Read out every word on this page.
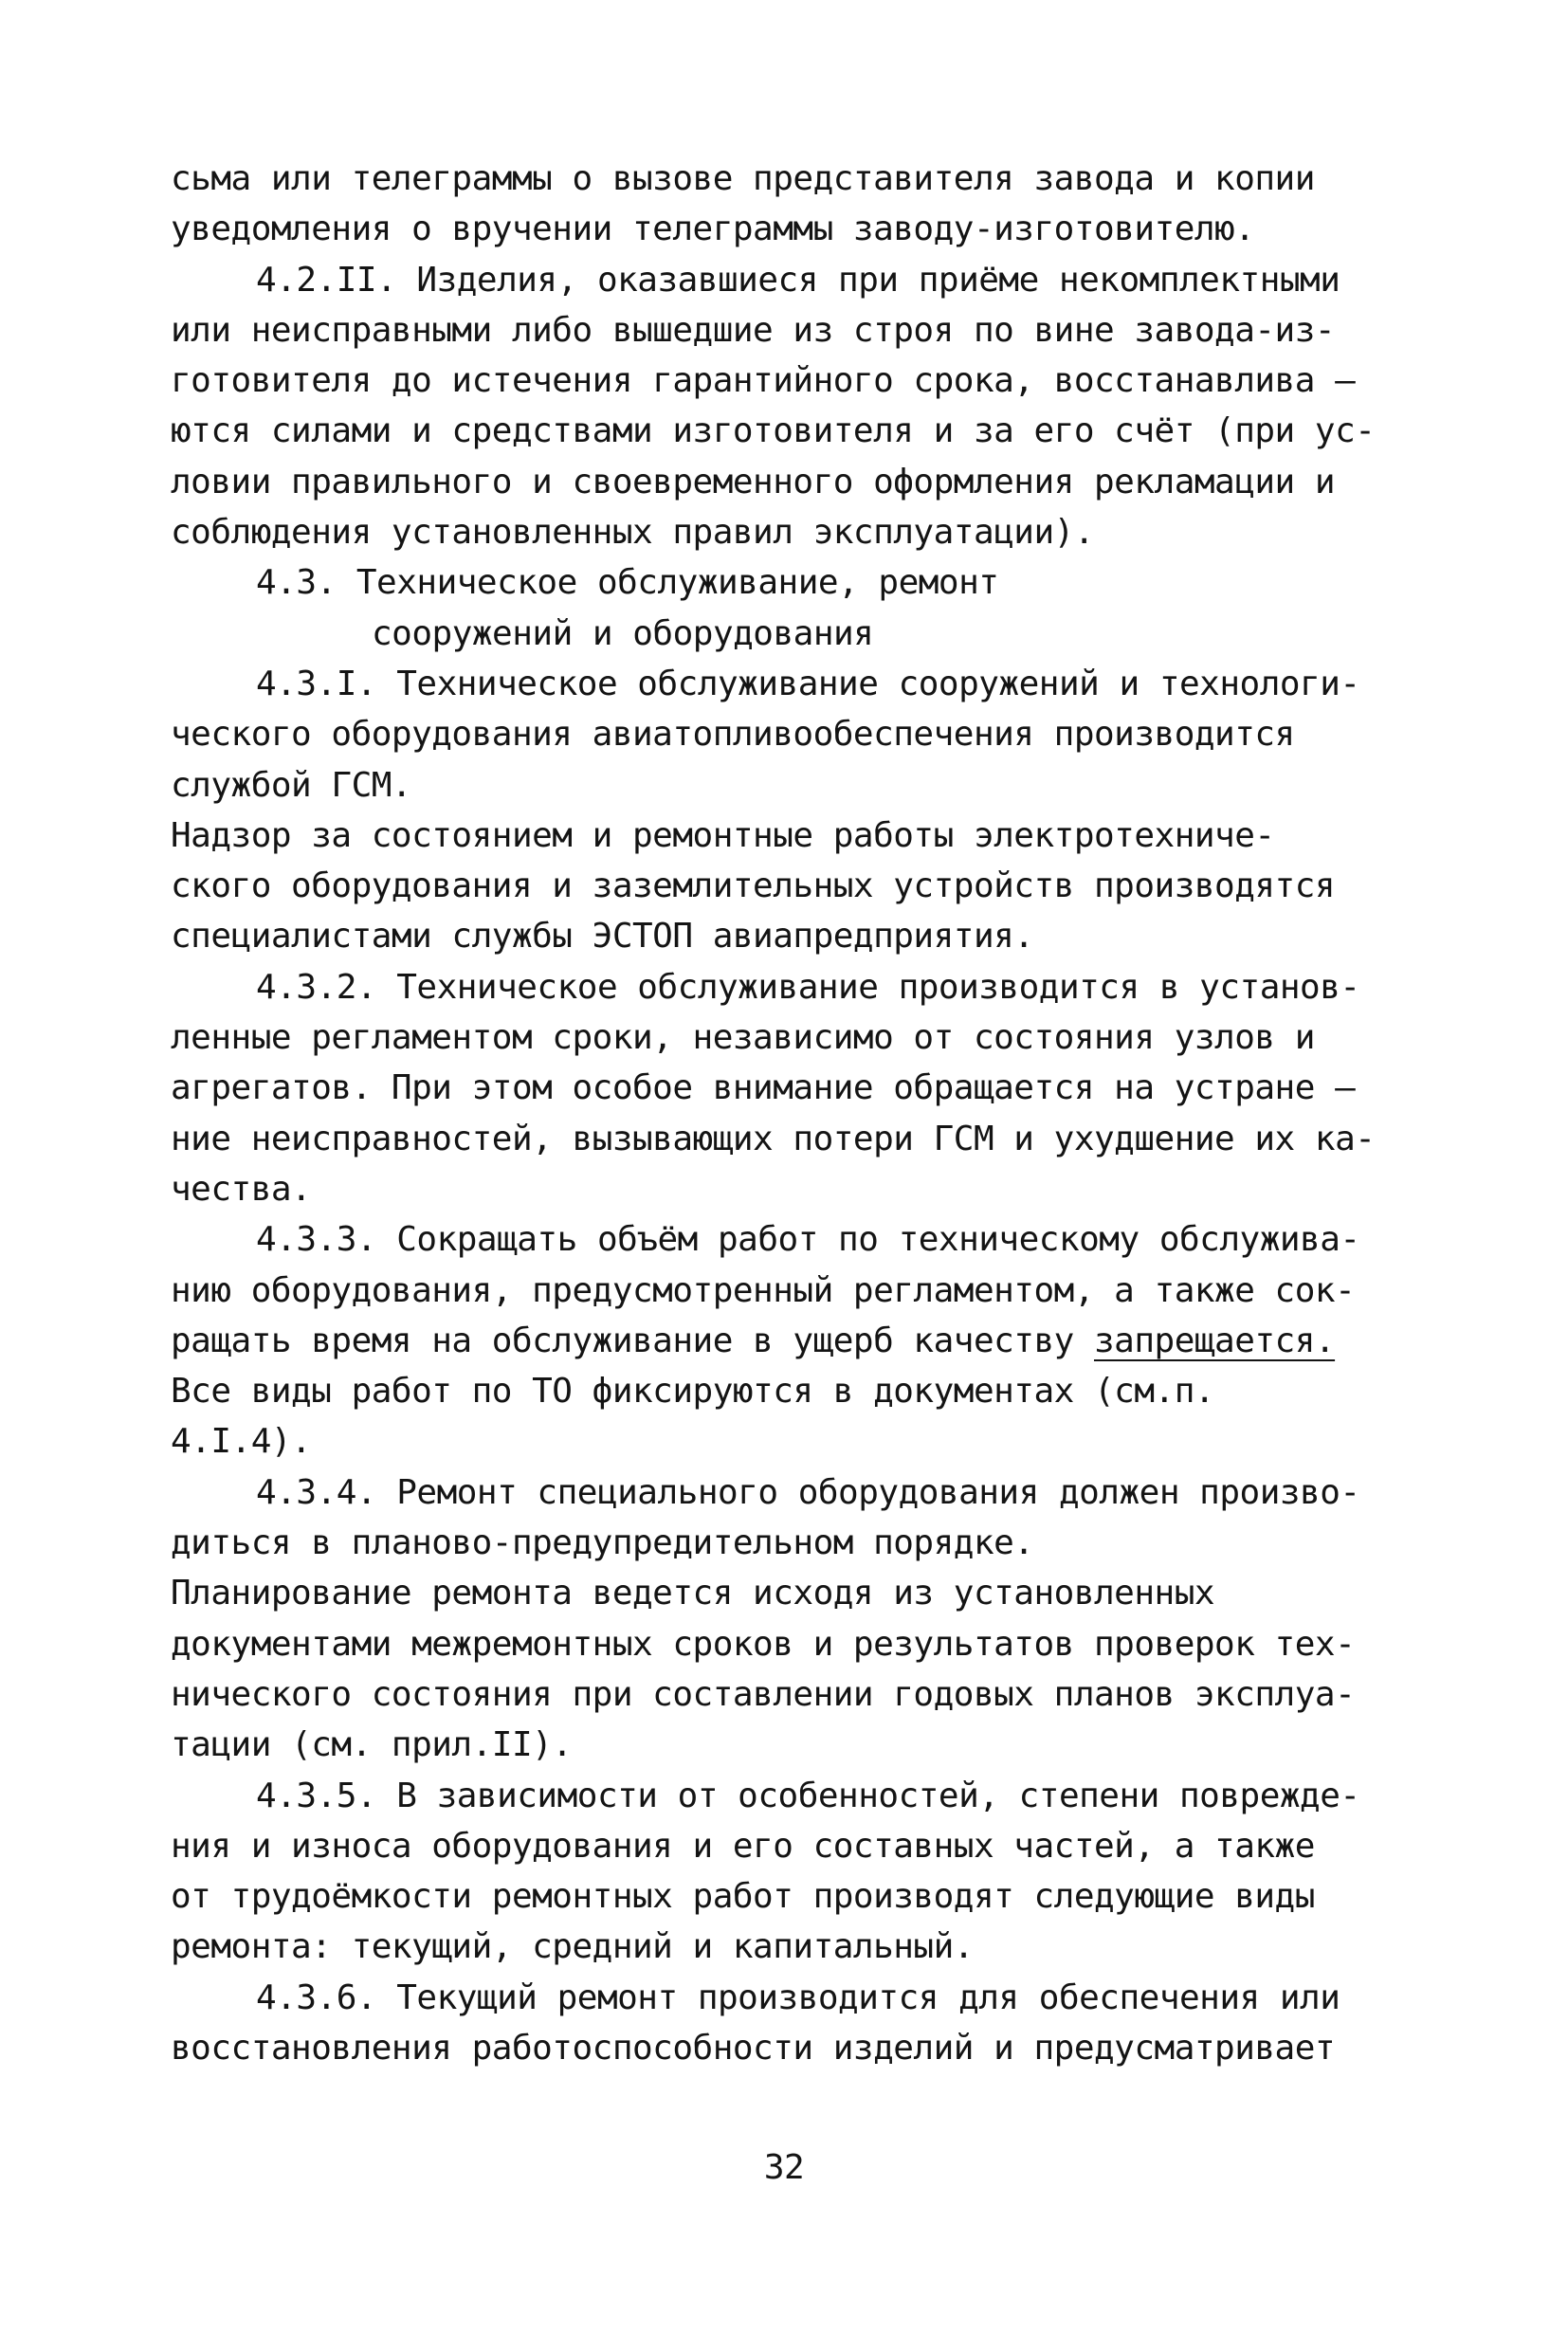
сьма или телеграммы о вызове представителя завода и копии
уведомления о вручении телеграммы заводу-изготовителю.
4.2.II. Изделия, оказавшиеся при приёме некомплектными
или неисправными либо вышедшие из строя по вине завода-из-
готовителя до истечения гарантийного срока, восстанавлива –
ются силами и средствами изготовителя и за его счёт (при ус-
ловии правильного и своевременного оформления рекламации и
соблюдения установленных правил эксплуатации).
4.3. Техническое обслуживание, ремонт
сооружений и оборудования
4.3.I. Техническое обслуживание сооружений и технологи-
ческого оборудования авиатопливообеспечения производится
службой ГСМ.
Надзор за состоянием и ремонтные работы электротехниче-
ского оборудования и заземлительных устройств производятся
специалистами службы ЭСТОП авиапредприятия.
4.3.2. Техническое обслуживание производится в установ-
ленные регламентом сроки, независимо от состояния узлов и
агрегатов. При этом особое внимание обращается на устране –
ние неисправностей, вызывающих потери ГСМ и ухудшение их ка-
чества.
4.3.3. Сокращать объём работ по техническому обслужива-
нию оборудования, предусмотренный регламентом, а также сок-
ращать время на обслуживание в ущерб качеству запрещается.
Все виды работ по ТО фиксируются в документах (см.п.
4.I.4).
4.3.4. Ремонт специального оборудования должен произво-
диться в планово-предупредительном порядке.
Планирование ремонта ведется исходя из установленных
документами межремонтных сроков и результатов проверок тех-
нического состояния при составлении годовых планов эксплуа-
тации (см. прил.II).
4.3.5. В зависимости от особенностей, степени поврежде-
ния и износа оборудования и его составных частей, а также
от трудоёмкости ремонтных работ производят следующие виды
ремонта: текущий, средний и капитальный.
4.3.6. Текущий ремонт производится для обеспечения или
восстановления работоспособности изделий и предусматривает
32
